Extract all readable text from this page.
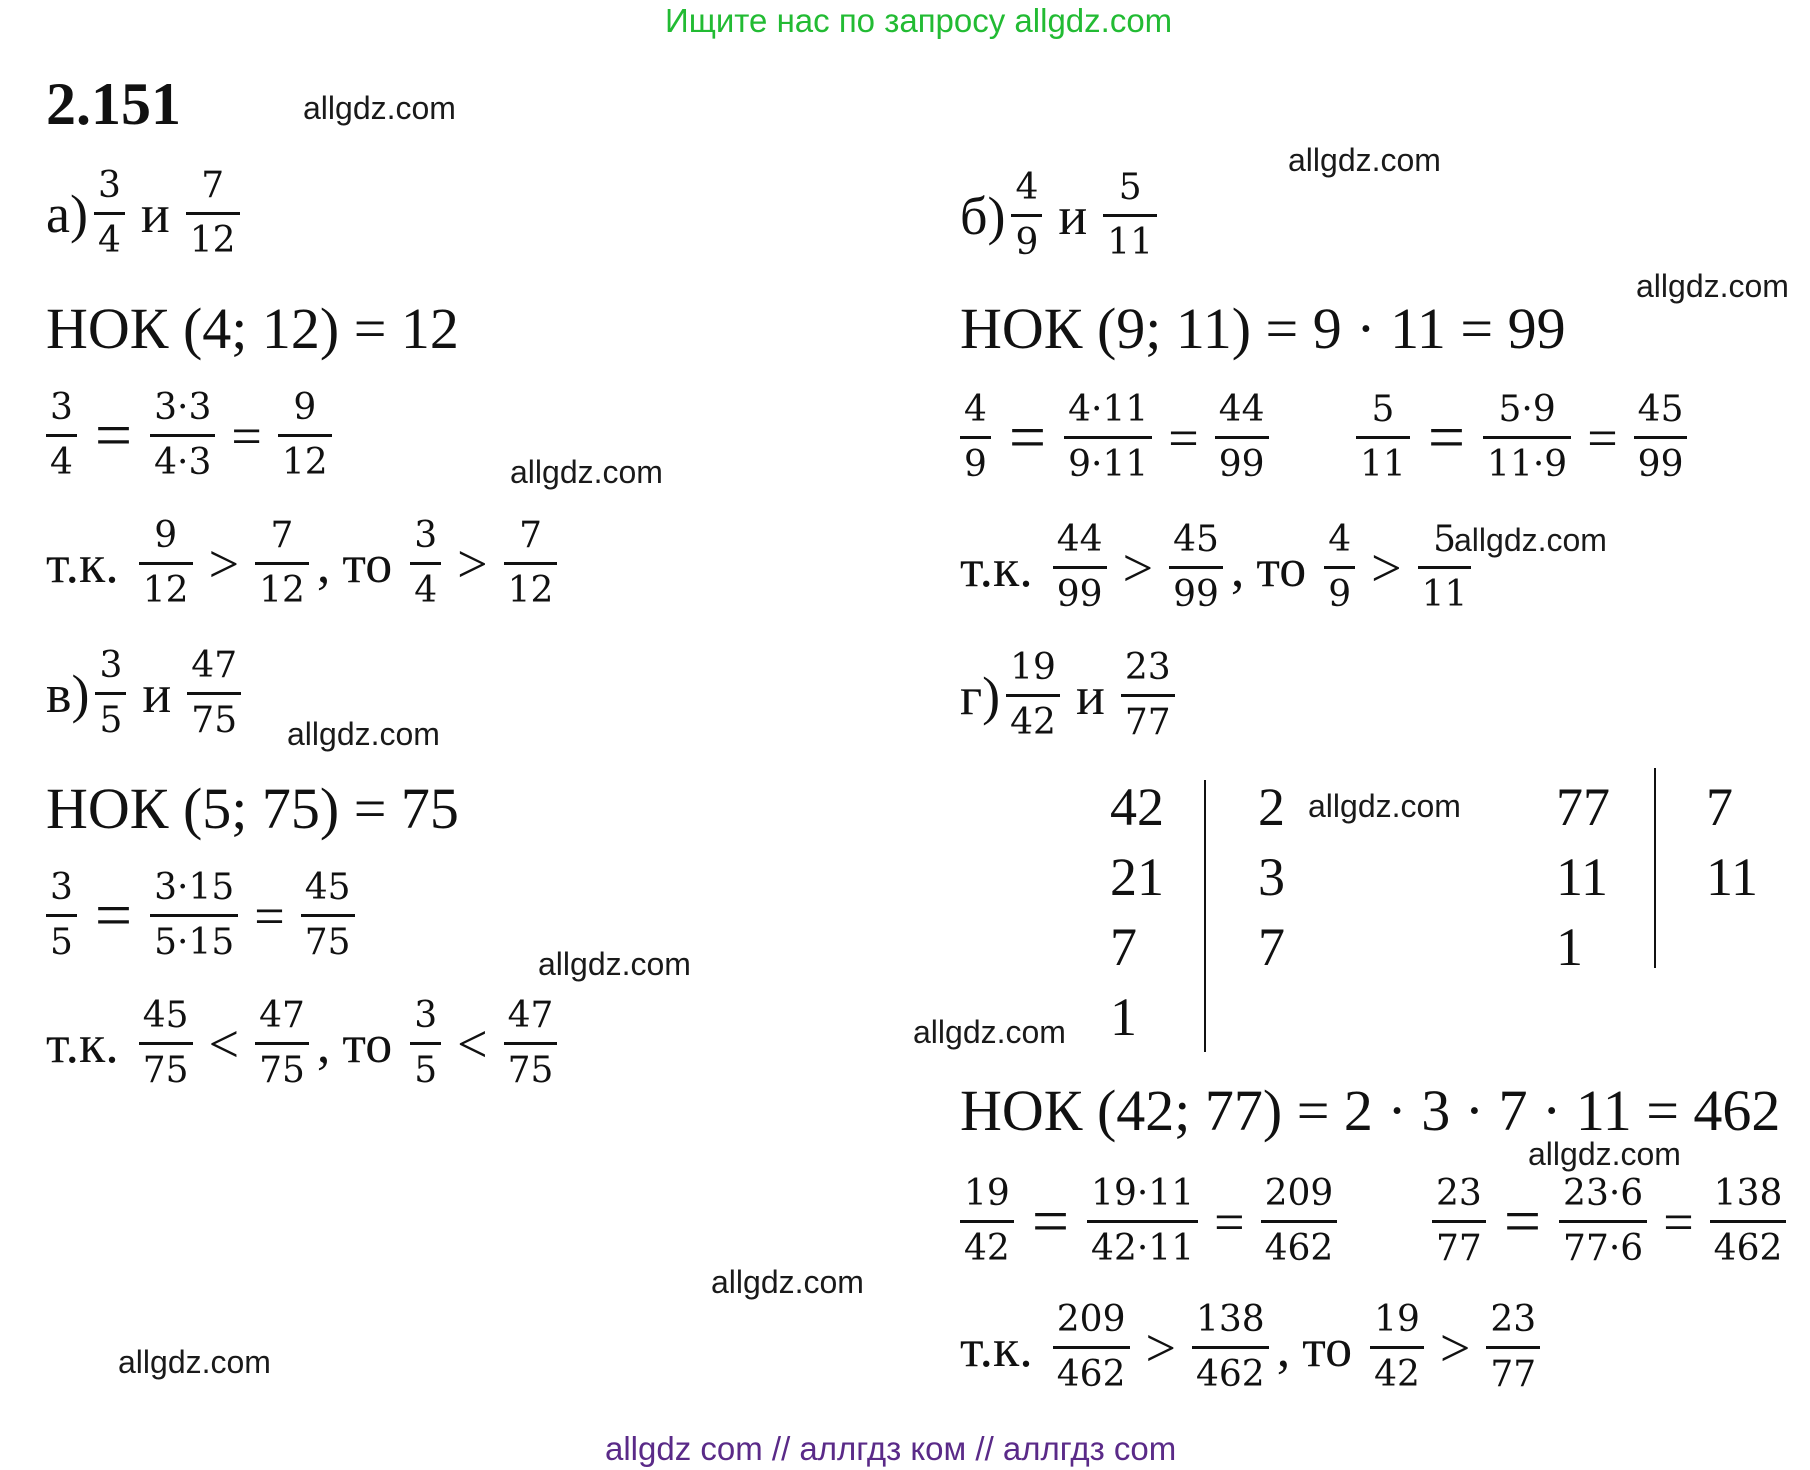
Ищите нас по запросу allgdz.com
2.151	allgdz.com
allgdz.com
allgdz.com
allgdz.com
allgdz.com
allgdz.com
allgdz.com
allgdz.com
allgdz.com
allgdz.com
allgdz.com
allgdz.com
$а) \frac{3}{4}$ и $\frac{7}{12}$
НОК (4; 12) = 12
$\frac{3}{4} = \frac{3\cdot 3}{4\cdot 3} = \frac{9}{12}$
т.к. $\frac{9}{12} > \frac{7}{12}$ , то $\frac{3}{4} > \frac{7}{12}$
$в) \frac{3}{5}$ и $\frac{47}{75}$
НОК (5; 75) = 75
$\frac{3}{5} = \frac{3\cdot 15}{5\cdot 15} = \frac{45}{75}$
т.к. $\frac{45}{75} < \frac{47}{75}$ , то $\frac{3}{5} < \frac{47}{75}$
$б) \frac{4}{9}$ и $\frac{5}{11}$
НОК (9; 11) = 9 · 11 = 99
$\frac{4}{9} = \frac{4\cdot 11}{9\cdot 11} = \frac{44}{99} \frac{5}{11} = \frac{5\cdot 9}{11\cdot 9} = \frac{45}{99}$
т.к. $\frac{44}{99} > \frac{45}{99}$ , то $\frac{4}{9} > \frac{5}{11}$
$г) \frac{19}{42}$ и $\frac{23}{77}$
42
21
7
1
2
3
7
77
11
1
7
11
НОК (42; 77) = 2 · 3 · 7 · 11 = 462
$\frac{19}{42} = \frac{19\cdot 11}{42\cdot 11} = \frac{209}{462}$	$\frac{23}{77} = \frac{23\cdot 6}{77\cdot 6} = \frac{138}{462}$
т.к. $\frac{209}{462} > \frac{138}{462}$ , то $\frac{19}{42} > \frac{23}{77}$
allgdz com // аллгдз ком // аллгдз com
